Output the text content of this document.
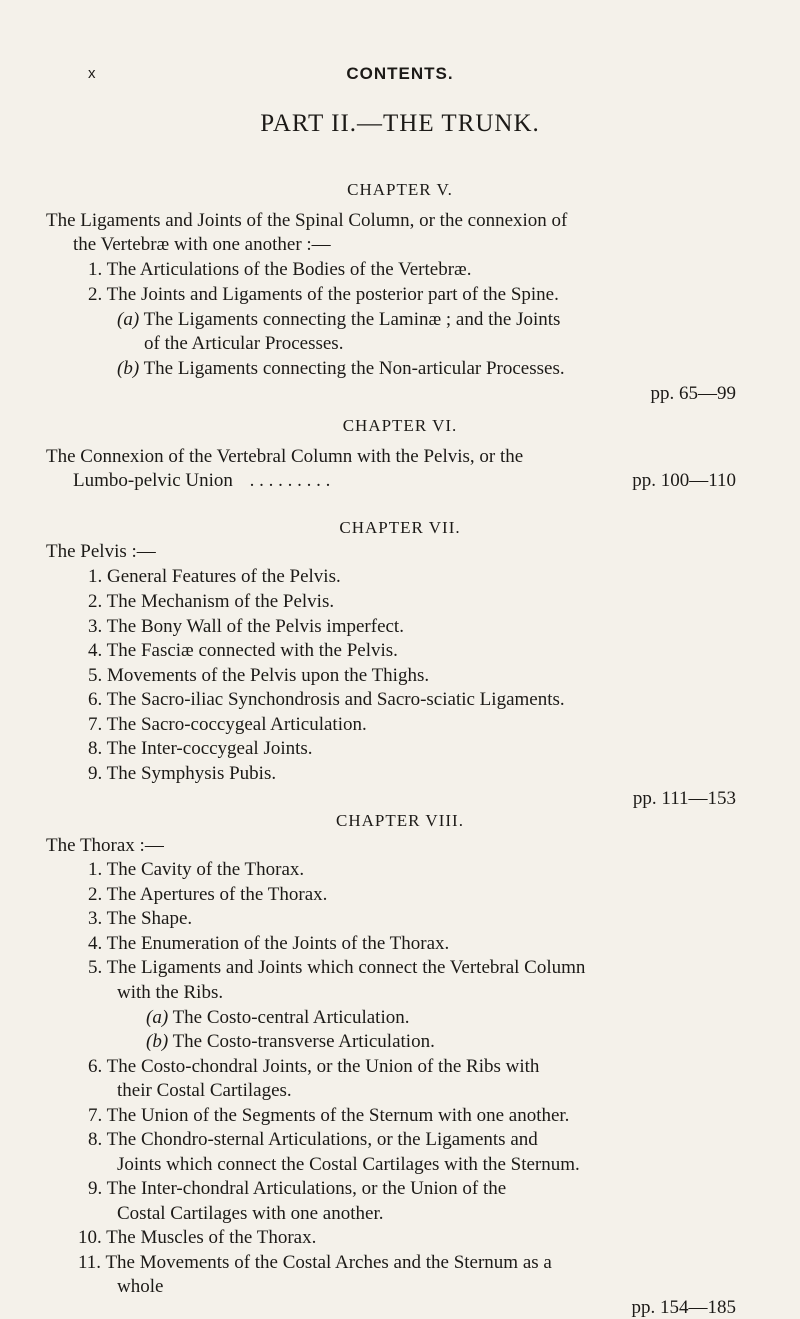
x	CONTENTS.
PART II.—THE TRUNK.
CHAPTER V.
The Ligaments and Joints of the Spinal Column, or the connexion of
the Vertebræ with one another :—
1. The Articulations of the Bodies of the Vertebræ.
2. The Joints and Ligaments of the posterior part of the Spine.
(a) The Ligaments connecting the Laminæ ; and the Joints
of the Articular Processes.
(b) The Ligaments connecting the Non-articular Processes.
pp. 65—99
CHAPTER VI.
The Connexion of the Vertebral Column with the Pelvis, or the
Lumbo-pelvic Union . . . . . . . . .	pp. 100—110
CHAPTER VII.
The Pelvis :—
1. General Features of the Pelvis.
2. The Mechanism of the Pelvis.
3. The Bony Wall of the Pelvis imperfect.
4. The Fasciæ connected with the Pelvis.
5. Movements of the Pelvis upon the Thighs.
6. The Sacro-iliac Synchondrosis and Sacro-sciatic Ligaments.
7. The Sacro-coccygeal Articulation.
8. The Inter-coccygeal Joints.
9. The Symphysis Pubis.
pp. 111—153
CHAPTER VIII.
The Thorax :—
1. The Cavity of the Thorax.
2. The Apertures of the Thorax.
3. The Shape.
4. The Enumeration of the Joints of the Thorax.
5. The Ligaments and Joints which connect the Vertebral Column
with the Ribs.
(a) The Costo-central Articulation.
(b) The Costo-transverse Articulation.
6. The Costo-chondral Joints, or the Union of the Ribs with
their Costal Cartilages.
7. The Union of the Segments of the Sternum with one another.
8. The Chondro-sternal Articulations, or the Ligaments and
Joints which connect the Costal Cartilages with the Sternum.
9. The Inter-chondral Articulations, or the Union of the
Costal Cartilages with one another.
10. The Muscles of the Thorax.
11. The Movements of the Costal Arches and the Sternum as a
whole
pp. 154—185
